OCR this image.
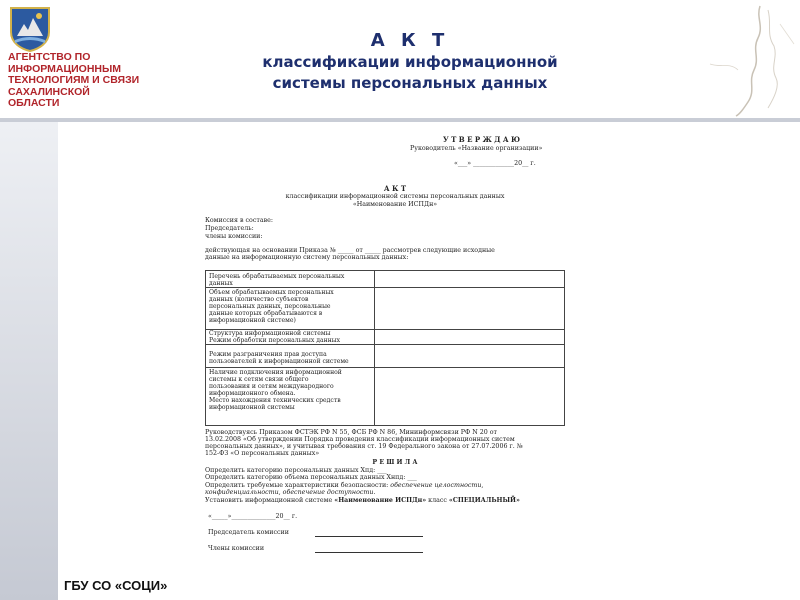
АГЕНТСТВО ПО
ИНФОРМАЦИОННЫМ
ТЕХНОЛОГИЯМ И СВЯЗИ
САХАЛИНСКОЙ
ОБЛАСТИ
А К Т
классификации информационной
системы персональных данных
У Т В Е Р Ж Д А Ю
Руководитель «Название организации»
«___» _____________20__ г.
А К Т
классификации информационной системы персональных данных
«Наименование ИСПДн»
Комиссия в составе:
Председатель:
члены комиссии:
действующая на основании Приказа № _____ от _____ рассмотрев следующие исходные
данные на информационную систему персональных данных:
Перечень обрабатываемых персональных
данных
Объем обрабатываемых персональных
данных (количество субъектов
персональных данных, персональные
данные которых обрабатываются в
информационной системе)
Структура информационной системы
Режим обработки персональных данных
Режим разграничения прав доступа
пользователей к информационной системе
Наличие подключения информационной
системы к сетям связи общего
пользования и сетям международного
информационного обмена.
Место нахождения технических средств
информационной системы
Руководствуясь Приказом ФСТЭК РФ N 55, ФСБ РФ N 86, Мининформсвязи РФ N 20 от
13.02.2008 «Об утверждении Порядка проведения классификации информационных систем
персональных данных», и учитывая требования ст. 19 Федерального закона от 27.07.2006 г. №
152-ФЗ «О персональных данных»
Р Е Ш И Л А
Определить категорию персональных данных Хпд: ___
Определить категорию объема персональных данных Хнпд: ___
Определить требуемые характеристики безопасности: обеспечение целостности,
конфиденциальности, обеспечение доступности.
Установить информационной системе «Наименование ИСПДн» класс «СПЕЦИАЛЬНЫЙ»
«_____»______________20__ г.
Председатель комиссии
Члены комиссии
ГБУ СО «СОЦИ»
